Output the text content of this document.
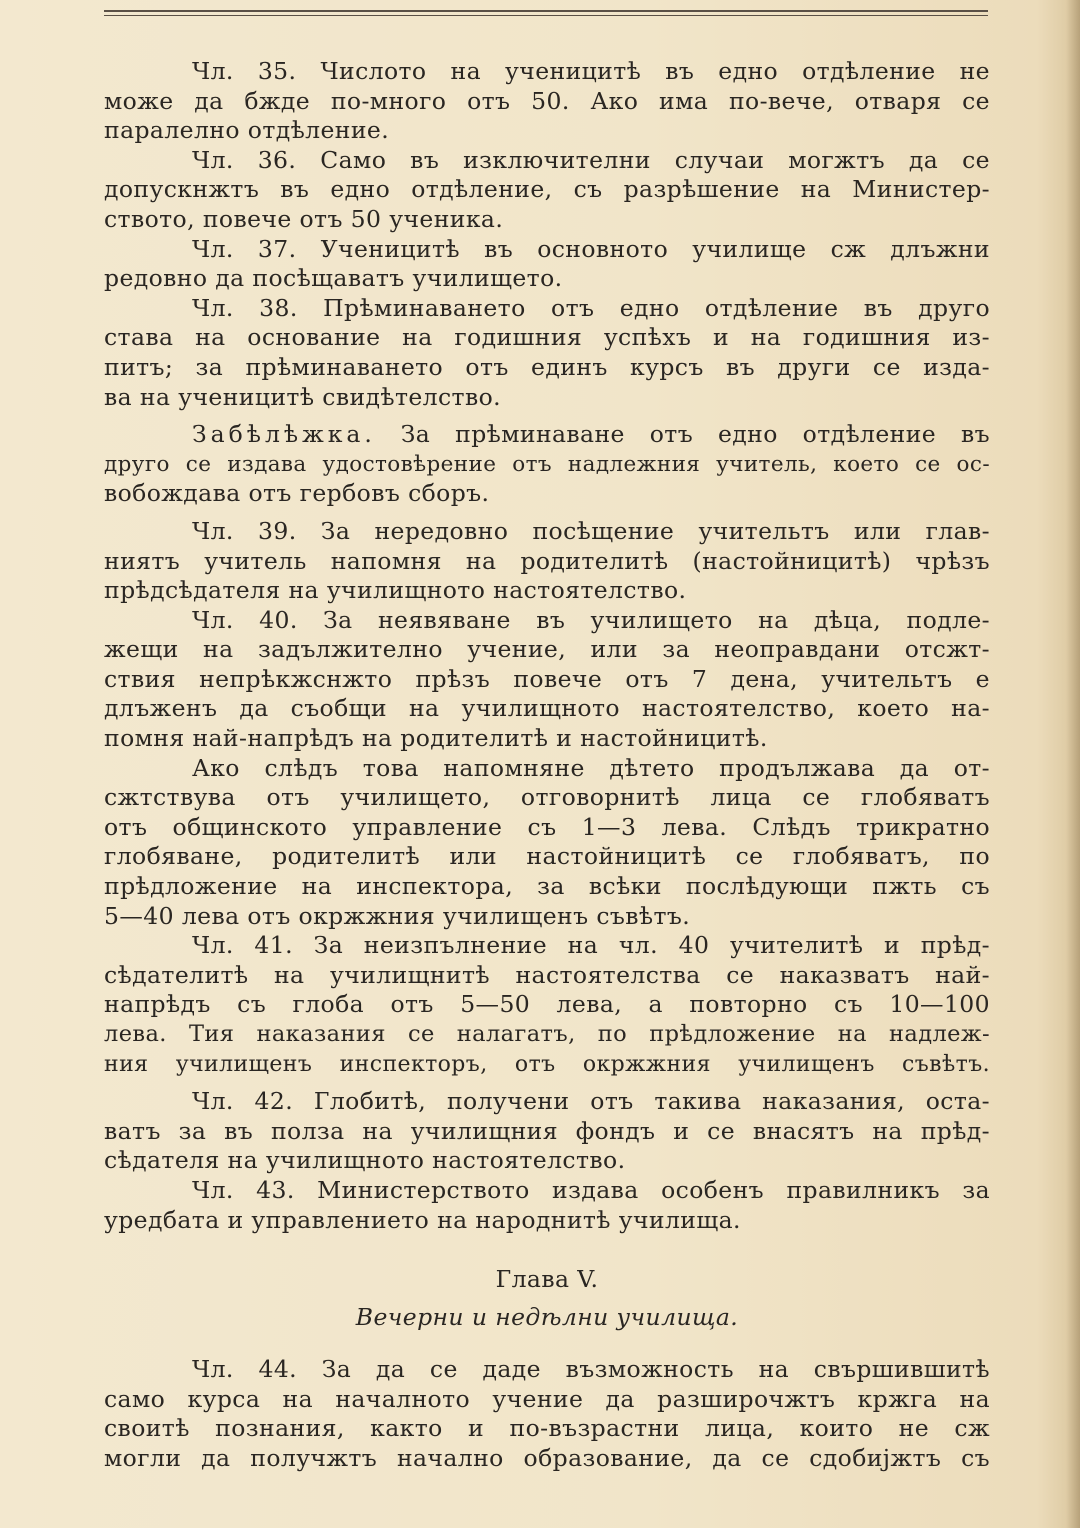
Чл. 35. Числото на ученицитѣ въ едно отдѣление не
може да бжде по-много отъ 50. Ако има по-вече, отваря се
паралелно отдѣление.
Чл. 36. Само въ изключителни случаи могжтъ да се
допускнжтъ въ едно отдѣление, съ разрѣшение на Министер-
ството, повече отъ 50 ученика.
Чл. 37. Ученицитѣ въ основното училище сж длъжни
редовно да посѣщаватъ училището.
Чл. 38. Прѣминаването отъ едно отдѣление въ друго
става на основание на годишния успѣхъ и на годишния из-
питъ; за прѣминаването отъ единъ курсъ въ други се изда-
ва на ученицитѣ свидѣтелство.
Забѣлѣжка. За прѣминаване отъ едно отдѣление въ
друго се издава удостовѣрение отъ надлежния учитель, което се ос-
вобождава отъ гербовъ сборъ.
Чл. 39. За нередовно посѣщение учительтъ или глав-
ниятъ учитель напомня на родителитѣ (настойницитѣ) чрѣзъ
прѣдсѣдателя на училищното настоятелство.
Чл. 40. За неявяване въ училището на дѣца, подле-
жещи на задължително учение, или за неоправдани отсжт-
ствия непрѣкжснжто прѣзъ повече отъ 7 дена, учительтъ е
длъженъ да съобщи на училищното настоятелство, което на-
помня най-напрѣдъ на родителитѣ и настойницитѣ.
Ако слѣдъ това напомняне дѣтето продължава да от-
сжтствува отъ училището, отговорнитѣ лица се глобяватъ
отъ общинското управление съ 1—3 лева. Слѣдъ трикратно
глобяване, родителитѣ или настойницитѣ се глобяватъ, по
прѣдложение на инспектора, за всѣки послѣдующи пжть съ
5—40 лева отъ окржжния училищенъ съвѣтъ.
Чл. 41. За неизпълнение на чл. 40 учителитѣ и прѣд-
сѣдателитѣ на училищнитѣ настоятелства се наказватъ най-
напрѣдъ съ глоба отъ 5—50 лева, а повторно съ 10—100
лева. Тия наказания се налагатъ, по прѣдложение на надлеж-
ния училищенъ инспекторъ, отъ окржжния училищенъ съвѣтъ.
Чл. 42. Глобитѣ, получени отъ такива наказания, оста-
ватъ за въ полза на училищния фондъ и се внасятъ на прѣд-
сѣдателя на училищното настоятелство.
Чл. 43. Министерството издава особенъ правилникъ за
уредбата и управлението на народнитѣ училища.
Глава V.
Вечерни и недѣлни училища.
Чл. 44. За да се даде възможность на свършившитѣ
само курса на началното учение да разширочжтъ кржга на
своитѣ познания, както и по-възрастни лица, които не сж
могли да получжтъ начално образование, да се сдобиjжтъ съ
